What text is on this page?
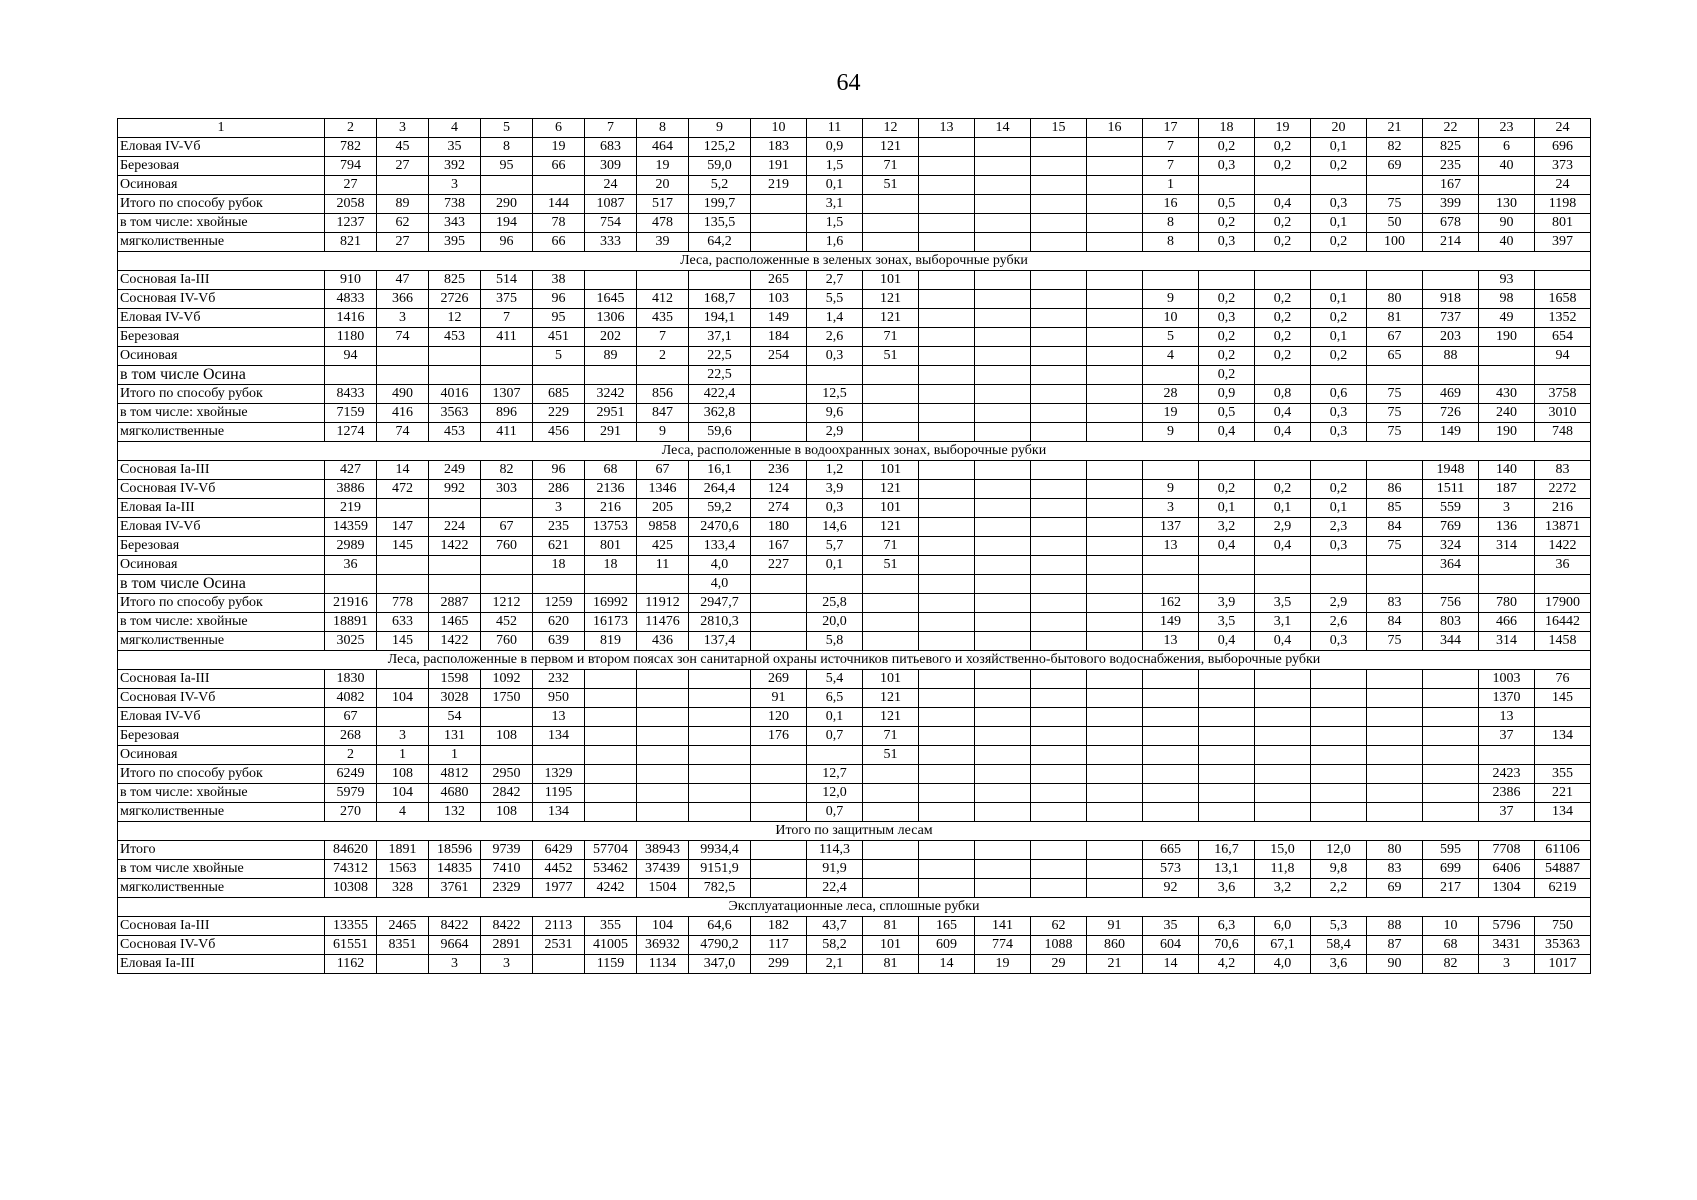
64
1	2	3	4	5	6	7	8	9	10	11	12	13	14	15	16	17	18	19	20	21	22	23	24
Еловая IV-Vб	782	45	35	8	19	683	464	125,2	183	0,9	121					7	0,2	0,2	0,1	82	825	6	696
Березовая	794	27	392	95	66	309	19	59,0	191	1,5	71					7	0,3	0,2	0,2	69	235	40	373
Осиновая	27		3			24	20	5,2	219	0,1	51					1					167		24
Итого по способу рубок	2058	89	738	290	144	1087	517	199,7		3,1						16	0,5	0,4	0,3	75	399	130	1198
в том числе: хвойные	1237	62	343	194	78	754	478	135,5		1,5						8	0,2	0,2	0,1	50	678	90	801
мягколиственные	821	27	395	96	66	333	39	64,2		1,6						8	0,3	0,2	0,2	100	214	40	397
Леса, расположенные в зеленых зонах, выборочные рубки																							
Сосновая Ia-III	910	47	825	514	38				265	2,7	101											93	
Сосновая IV-Vб	4833	366	2726	375	96	1645	412	168,7	103	5,5	121					9	0,2	0,2	0,1	80	918	98	1658
Еловая IV-Vб	1416	3	12	7	95	1306	435	194,1	149	1,4	121					10	0,3	0,2	0,2	81	737	49	1352
Березовая	1180	74	453	411	451	202	7	37,1	184	2,6	71					5	0,2	0,2	0,1	67	203	190	654
Осиновая	94				5	89	2	22,5	254	0,3	51					4	0,2	0,2	0,2	65	88		94
в том числе Осина								22,5									0,2						
Итого по способу рубок	8433	490	4016	1307	685	3242	856	422,4		12,5						28	0,9	0,8	0,6	75	469	430	3758
в том числе: хвойные	7159	416	3563	896	229	2951	847	362,8		9,6						19	0,5	0,4	0,3	75	726	240	3010
мягколиственные	1274	74	453	411	456	291	9	59,6		2,9						9	0,4	0,4	0,3	75	149	190	748
Леса, расположенные в водоохранных зонах, выборочные рубки																							
Сосновая Ia-III	427	14	249	82	96	68	67	16,1	236	1,2	101										1948	140	83
Сосновая IV-Vб	3886	472	992	303	286	2136	1346	264,4	124	3,9	121					9	0,2	0,2	0,2	86	1511	187	2272
Еловая Ia-III	219				3	216	205	59,2	274	0,3	101					3	0,1	0,1	0,1	85	559	3	216
Еловая IV-Vб	14359	147	224	67	235	13753	9858	2470,6	180	14,6	121					137	3,2	2,9	2,3	84	769	136	13871
Березовая	2989	145	1422	760	621	801	425	133,4	167	5,7	71					13	0,4	0,4	0,3	75	324	314	1422
Осиновая	36				18	18	11	4,0	227	0,1	51										364		36
в том числе Осина								4,0															
Итого по способу рубок	21916	778	2887	1212	1259	16992	11912	2947,7		25,8						162	3,9	3,5	2,9	83	756	780	17900
в том числе: хвойные	18891	633	1465	452	620	16173	11476	2810,3		20,0						149	3,5	3,1	2,6	84	803	466	16442
мягколиственные	3025	145	1422	760	639	819	436	137,4		5,8						13	0,4	0,4	0,3	75	344	314	1458
Леса, расположенные в первом и втором поясах зон санитарной охраны источников питьевого и хозяйственно-бытового водоснабжения, выборочные рубки																							
Сосновая Ia-III	1830		1598	1092	232				269	5,4	101											1003	76
Сосновая IV-Vб	4082	104	3028	1750	950				91	6,5	121											1370	145
Еловая IV-Vб	67		54		13				120	0,1	121											13	
Березовая	268	3	131	108	134				176	0,7	71											37	134
Осиновая	2	1	1								51												
Итого по способу рубок	6249	108	4812	2950	1329					12,7												2423	355
в том числе: хвойные	5979	104	4680	2842	1195					12,0												2386	221
мягколиственные	270	4	132	108	134					0,7												37	134
Итого по защитным лесам																							
Итого	84620	1891	18596	9739	6429	57704	38943	9934,4		114,3						665	16,7	15,0	12,0	80	595	7708	61106
в том числе хвойные	74312	1563	14835	7410	4452	53462	37439	9151,9		91,9						573	13,1	11,8	9,8	83	699	6406	54887
мягколиственные	10308	328	3761	2329	1977	4242	1504	782,5		22,4						92	3,6	3,2	2,2	69	217	1304	6219
Эксплуатационные леса, сплошные рубки																							
Сосновая Ia-III	13355	2465	8422	8422	2113	355	104	64,6	182	43,7	81	165	141	62	91	35	6,3	6,0	5,3	88	10	5796	750
Сосновая IV-Vб	61551	8351	9664	2891	2531	41005	36932	4790,2	117	58,2	101	609	774	1088	860	604	70,6	67,1	58,4	87	68	3431	35363
Еловая Ia-III	1162		3	3		1159	1134	347,0	299	2,1	81	14	19	29	21	14	4,2	4,0	3,6	90	82	3	1017
